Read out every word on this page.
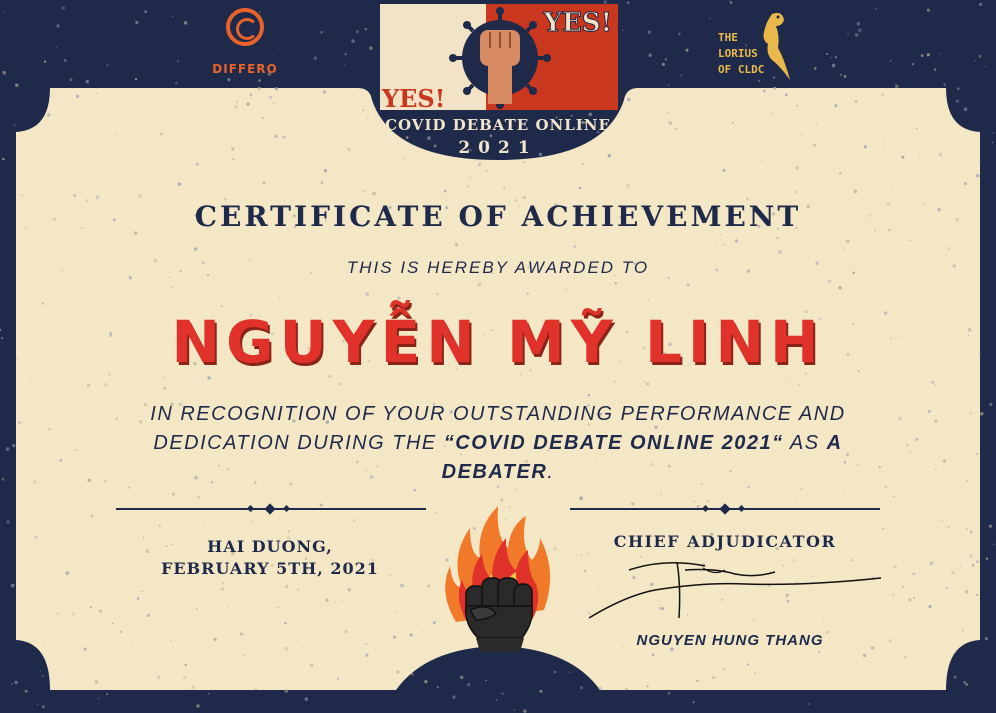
DIFFERO
THE
LORIUS
OF CLDC
YES!
YES!
COVID DEBATE ONLINE
2021
CERTIFICATE OF ACHIEVEMENT
THIS IS HEREBY AWARDED TO
NGUYỄN MỸ LINH
IN RECOGNITION OF YOUR OUTSTANDING PERFORMANCE AND DEDICATION DURING THE “COVID DEBATE ONLINE 2021“ AS A DEBATER.
HAI DUONG,
FEBRUARY 5TH, 2021
CHIEF ADJUDICATOR
NGUYEN HUNG THANG
